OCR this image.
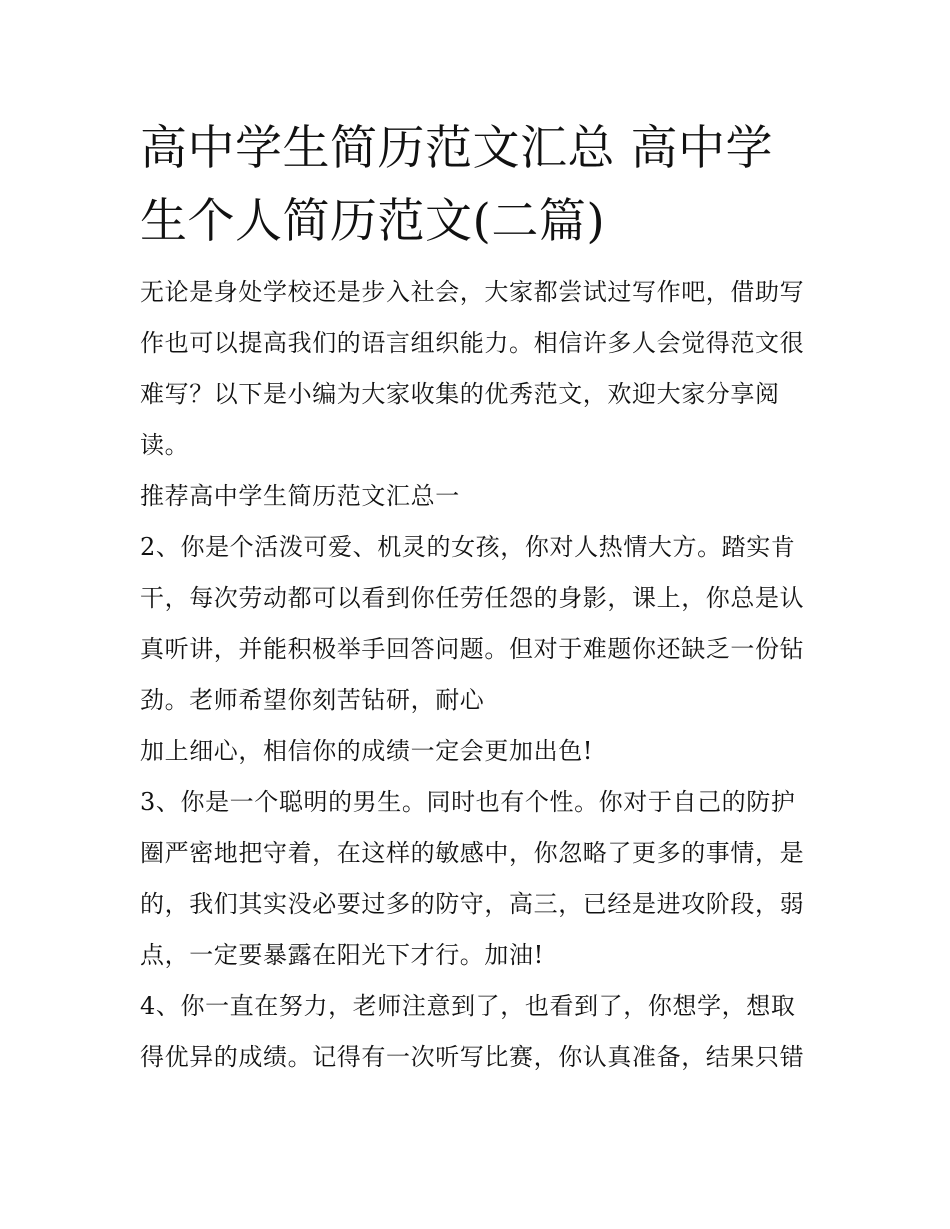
高中学生简历范文汇总 高中学
生个人简历范文(二篇)

无论是身处学校还是步入社会，大家都尝试过写作吧，借助写
作也可以提高我们的语言组织能力。相信许多人会觉得范文很
难写？以下是小编为大家收集的优秀范文，欢迎大家分享阅
读。

推荐高中学生简历范文汇总一

2、你是个活泼可爱、机灵的女孩，你对人热情大方。踏实肯
干，每次劳动都可以看到你任劳任怨的身影，课上，你总是认
真听讲，并能积极举手回答问题。但对于难题你还缺乏一份钻
劲。老师希望你刻苦钻研，耐心

加上细心，相信你的成绩一定会更加出色!

3、你是一个聪明的男生。同时也有个性。你对于自己的防护
圈严密地把守着，在这样的敏感中，你忽略了更多的事情，是
的，我们其实没必要过多的防守，高三，已经是进攻阶段，弱
点，一定要暴露在阳光下才行。加油!

4、你一直在努力，老师注意到了，也看到了，你想学，想取
得优异的成绩。记得有一次听写比赛，你认真准备，结果只错
